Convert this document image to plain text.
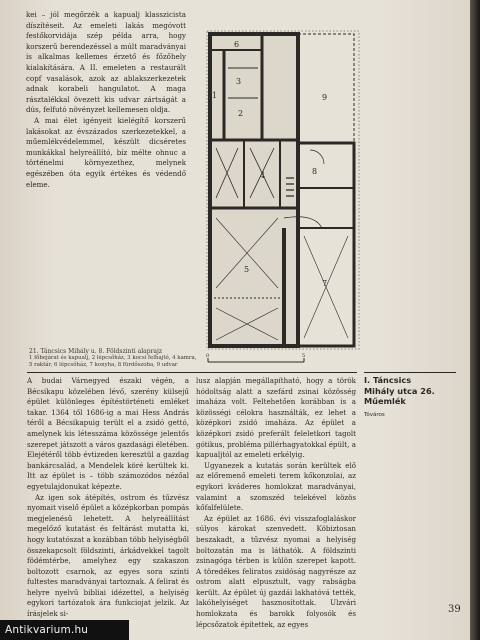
kei – jól megőrzék a kapualj klasszicista díszítéseit. Az emeleti lakás megóvott festőkorvidája szép példa arra, hogy korszerű berendezéssel a múlt maradványai is alkalmas kellemes érzető és főzőhely kialakítására. A II. emeleten a restaurált copf vasalások, azok az ablakszerkezetek adnak korabeli hangulatot. A maga rásztalékkal övezett kis udvar zártságát a dús, felfutó növényzet kellemesen oldja.

A mai élet igényeit kielégítő korszerű lakásokat az évszázados szerkezetekkel, a műemlékvédelemmel, készült dicséretes munkákkal helyreállító, bíz mélte ohnuc a történelmi környezethez, melynek egészében óta egyik értékes és védendő eleme.

6
3
1
2
9
4	8
5
7
0	5
21. Táncsics Mihály u. 8. Földszinti alaprajz
1 főbejárat és kapualj, 2 lépcsőház, 3 kocsi felhajtó, 4 kamra, 5 raktár, 6 lépcsőház, 7 konyha, 8 fürdőszoba, 9 udvar

A budai Várnegyed északi végén, a Bécsikapu közelében lévő, szerény külsejű épület különleges építéstörténeti emléket takar. 1364 től 1686-ig a mai Hess András téről a Bécsikapuig terült el a zsidó gettó, amelynek kis létesszáma közössége jelentős szerepet játszott a város gazdasági életében. Elejétéről több évtizeden keresztül a gazdag bankárcsalád, a Mendelek köré kerültek ki. Itt az épület is – több számozódos nézőal egyetulajdonukat képezte.

Az igen sok átépítés, ostrom és tűzvész nyomait viselő épület a középkorban pompás megjelenésű lehetett. A helyreállítást megelőző kutatást és feltárást mutatta ki, hogy kutatószat a kozábban több helyiségből összekapcsolt földszinti, árkádvekkel tagolt födémtérbe, amelyhez egy szakaszon boltozott csarnok, az egyes sora szinti fultestes maradványai tartoznak. A felirat és helyre nyelvű bibliai idézettel, a helyiség egykori tartózatok ára funkciojat jelzik. Az írásjelek si-

lusz alapján megállapítható, hogy a török hódoltság alatt a szefárd zsinai közösség imaháza volt. Feltehetően korábban is a közösségi célokra használták, ez lehet a középkori zsidó imaháza. Az épület a középkori zsidó preferált feleletkori tagolt gótikus, probléma pillérhagyatokkal épült, a kapualjtól az emeleti erkélyig.

Ugyanezek a kutatás során kerültek elő az előremenő emeleti terem kőkonzolai, az egykori kváderes homlokzat maradványai, valamint a szomszéd telekével közös kőfalfelülete.

Az épület az 1686. évi visszafoglaláskor súlyos károkat szenvedett. Köbiztosan beszakadt, a tűzvész nyomai a helyiség boltozatán ma is láthatók. A földszinti zsinagóga térben is külön szerepet kapott. A töredékes feliratos zsidóság nagyrésze az ostrom alatt elpusztult, vagy rabságba került. Az épület új gazdái lakhatóvá tették, lakóhelyiséget hasznosítottak. Ulzvári homlokzata és barokk folyosók és lépcsőzatok építettek, az egyes

I. Táncsics
Mihály utca 26.
Műemlék
Tóváros
39
Antikvarium.hu
